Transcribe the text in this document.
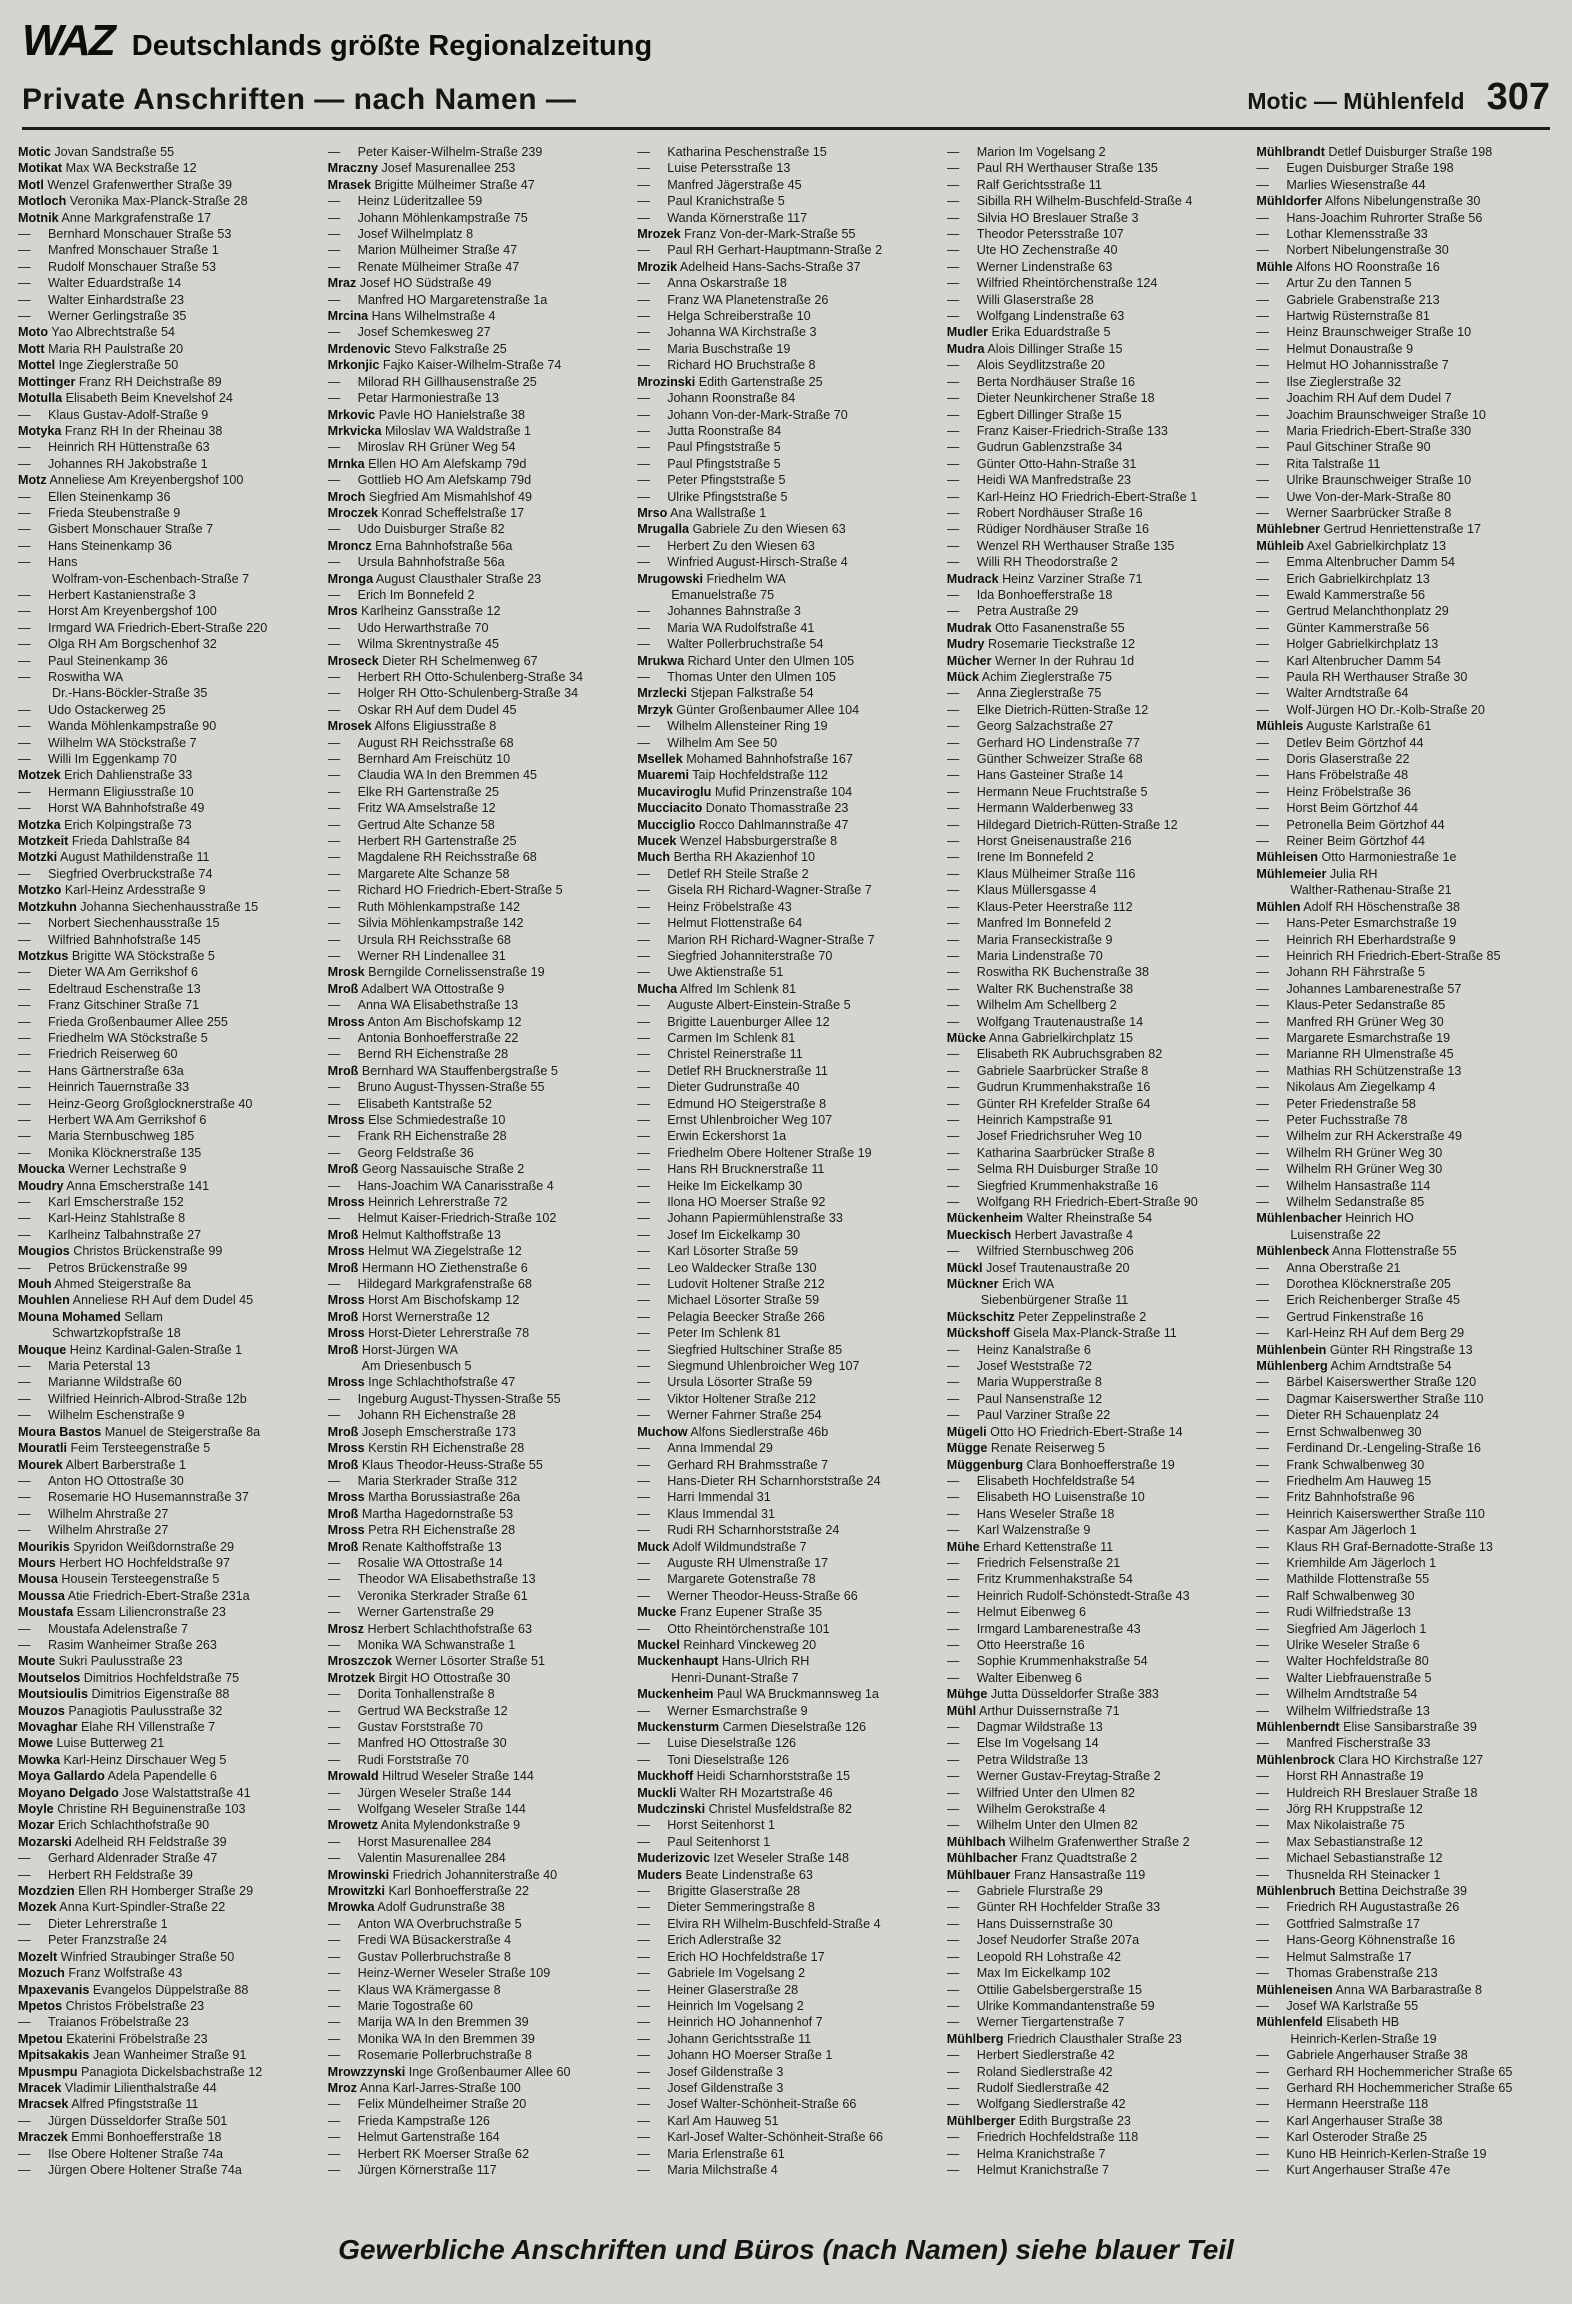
WAZ Deutschlands größte Regionalzeitung
Private Anschriften — nach Namen —	Motic — Mühlenfeld 307
Motic Jovan Sandstraße 55
Motikat Max WA Beckstraße 12
Motl Wenzel Grafenwerther Straße 39
Motloch Veronika Max-Planck-Straße 28
Motnik Anne Markgrafenstraße 17
— Bernhard Monschauer Straße 53
— Manfred Monschauer Straße 1
— Rudolf Monschauer Straße 53
— Walter Eduardstraße 14
— Walter Einhardstraße 23
— Werner Gerlingstraße 35
Moto Yao Albrechtstraße 54
Mott Maria RH Paulstraße 20
Mottel Inge Zieglerstraße 50
Mottinger Franz RH Deichstraße 89
Motulla Elisabeth Beim Knevelshof 24
— Klaus Gustav-Adolf-Straße 9
Motyka Franz RH In der Rheinau 38
— Heinrich RH Hüttenstraße 63
— Johannes RH Jakobstraße 1
Motz Anneliese Am Kreyenbergshof 100
— Ellen Steinenkamp 36
— Frieda Steubenstraße 9
— Gisbert Monschauer Straße 7
— Hans Steinenkamp 36
— Hans
Wolfram-von-Eschenbach-Straße 7
— Herbert Kastanienstraße 3
— Horst Am Kreyenbergshof 100
— Irmgard WA Friedrich-Ebert-Straße 220
— Olga RH Am Borgschenhof 32
— Paul Steinenkamp 36
— Roswitha WA
Dr.-Hans-Böckler-Straße 35
— Udo Ostackerweg 25
— Wanda Möhlenkampstraße 90
— Wilhelm WA Stöckstraße 7
— Willi Im Eggenkamp 70
Motzek Erich Dahlienstraße 33
— Hermann Eligiusstraße 10
— Horst WA Bahnhofstraße 49
Motzka Erich Kolpingstraße 73
Motzkeit Frieda Dahlstraße 84
Motzki August Mathildenstraße 11
— Siegfried Overbruckstraße 74
Motzko Karl-Heinz Ardesstraße 9
Motzkuhn Johanna Siechenhausstraße 15
— Norbert Siechenhausstraße 15
— Wilfried Bahnhofstraße 145
Motzkus Brigitte WA Stöckstraße 5
— Dieter WA Am Gerrikshof 6
— Edeltraud Eschenstraße 13
— Franz Gitschiner Straße 71
— Frieda Großenbaumer Allee 255
— Friedhelm WA Stöckstraße 5
— Friedrich Reiserweg 60
— Hans Gärtnerstraße 63a
— Heinrich Tauernstraße 33
— Heinz-Georg Großglocknerstraße 40
— Herbert WA Am Gerrikshof 6
— Maria Sternbuschweg 185
— Monika Klöcknerstraße 135
Moucka Werner Lechstraße 9
Moudry Anna Emscherstraße 141
— Karl Emscherstraße 152
— Karl-Heinz Stahlstraße 8
— Karlheinz Talbahnstraße 27
Mougios Christos Brückenstraße 99
— Petros Brückenstraße 99
Mouh Ahmed Steigerstraße 8a
Mouhlen Anneliese RH Auf dem Dudel 45
Mouna Mohamed Sellam
Schwartzkopfstraße 18
Mouque Heinz Kardinal-Galen-Straße 1
— Maria Peterstal 13
— Marianne Wildstraße 60
— Wilfried Heinrich-Albrod-Straße 12b
— Wilhelm Eschenstraße 9
Moura Bastos Manuel de Steigerstraße 8a
Mouratli Feim Tersteegenstraße 5
Mourek Albert Barberstraße 1
— Anton HO Ottostraße 30
— Rosemarie HO Husemannstraße 37
— Wilhelm Ahrstraße 27
— Wilhelm Ahrstraße 27
Mourikis Spyridon Weißdornstraße 29
Mours Herbert HO Hochfeldstraße 97
Mousa Housein Tersteegenstraße 5
Moussa Atie Friedrich-Ebert-Straße 231a
Moustafa Essam Liliencronstraße 23
— Moustafa Adelenstraße 7
— Rasim Wanheimer Straße 263
Moute Sukri Paulusstraße 23
Moutselos Dimitrios Hochfeldstraße 75
Moutsioulis Dimitrios Eigenstraße 88
Mouzos Panagiotis Paulusstraße 32
Movaghar Elahe RH Villenstraße 7
Mowe Luise Butterweg 21
Mowka Karl-Heinz Dirschauer Weg 5
Moya Gallardo Adela Papendelle 6
Moyano Delgado Jose Walstattstraße 41
Moyle Christine RH Beguinenstraße 103
Mozar Erich Schlachthofstraße 90
Mozarski Adelheid RH Feldstraße 39
— Gerhard Aldenrader Straße 47
— Herbert RH Feldstraße 39
Mozdzien Ellen RH Homberger Straße 29
Mozek Anna Kurt-Spindler-Straße 22
— Dieter Lehrerstraße 1
— Peter Franzstraße 24
Mozelt Winfried Straubinger Straße 50
Mozuch Franz Wolfstraße 43
Mpaxevanis Evangelos Düppelstraße 88
Mpetos Christos Fröbelstraße 23
— Traianos Fröbelstraße 23
Mpetou Ekaterini Fröbelstraße 23
Mpitsakakis Jean Wanheimer Straße 91
Mpusmpu Panagiota Dickelsbachstraße 12
Mracek Vladimir Lilienthalstraße 44
Mracsek Alfred Pfingststraße 11
— Jürgen Düsseldorfer Straße 501
Mraczek Emmi Bonhoefferstraße 18
— Ilse Obere Holtener Straße 74a
— Jürgen Obere Holtener Straße 74a
— Peter Kaiser-Wilhelm-Straße 239
Mraczny Josef Masurenallee 253
Mrasek Brigitte Mülheimer Straße 47
— Heinz Lüderitzallee 59
— Johann Möhlenkampstraße 75
— Josef Wilhelmplatz 8
— Marion Mülheimer Straße 47
— Renate Mülheimer Straße 47
Mraz Josef HO Südstraße 49
— Manfred HO Margaretenstraße 1a
Mrcina Hans Wilhelmstraße 4
— Josef Schemkesweg 27
Mrdenovic Stevo Falkstraße 25
Mrkonjic Fajko Kaiser-Wilhelm-Straße 74
— Milorad RH Gillhausenstraße 25
— Petar Harmoniestraße 13
Mrkovic Pavle HO Hanielstraße 38
Mrkvicka Miloslav WA Waldstraße 1
— Miroslav RH Grüner Weg 54
Mrnka Ellen HO Am Alefskamp 79d
— Gottlieb HO Am Alefskamp 79d
Mroch Siegfried Am Mismahlshof 49
Mroczek Konrad Scheffelstraße 17
— Udo Duisburger Straße 82
Mroncz Erna Bahnhofstraße 56a
— Ursula Bahnhofstraße 56a
Mronga August Clausthaler Straße 23
— Erich Im Bonnefeld 2
Mros Karlheinz Gansstraße 12
— Udo Herwarthstraße 70
— Wilma Skrentnystraße 45
Mroseck Dieter RH Schelmenweg 67
— Herbert RH Otto-Schulenberg-Straße 34
— Holger RH Otto-Schulenberg-Straße 34
— Oskar RH Auf dem Dudel 45
Mrosek Alfons Eligiusstraße 8
— August RH Reichsstraße 68
— Bernhard Am Freischütz 10
— Claudia WA In den Bremmen 45
— Elke RH Gartenstraße 25
— Fritz WA Amselstraße 12
— Gertrud Alte Schanze 58
— Herbert RH Gartenstraße 25
— Magdalene RH Reichsstraße 68
— Margarete Alte Schanze 58
— Richard HO Friedrich-Ebert-Straße 5
— Ruth Möhlenkampstraße 142
— Silvia Möhlenkampstraße 142
— Ursula RH Reichsstraße 68
— Werner RH Lindenallee 31
Mrosk Berngilde Cornelissenstraße 19
Mroß Adalbert WA Ottostraße 9
— Anna WA Elisabethstraße 13
Mross Anton Am Bischofskamp 12
— Antonia Bonhoefferstraße 22
— Bernd RH Eichenstraße 28
Mroß Bernhard WA Stauffenbergstraße 5
— Bruno August-Thyssen-Straße 55
— Elisabeth Kantstraße 52
Mross Else Schmiedestraße 10
— Frank RH Eichenstraße 28
— Georg Feldstraße 36
Mroß Georg Nassauische Straße 2
— Hans-Joachim WA Canarisstraße 4
Mross Heinrich Lehrerstraße 72
— Helmut Kaiser-Friedrich-Straße 102
Mroß Helmut Kalthoffstraße 13
Mross Helmut WA Ziegelstraße 12
Mroß Hermann HO Ziethenstraße 6
— Hildegard Markgrafenstraße 68
Mross Horst Am Bischofskamp 12
Mroß Horst Wernerstraße 12
Mross Horst-Dieter Lehrerstraße 78
Mroß Horst-Jürgen WA
Am Driesenbusch 5
Mross Inge Schlachthofstraße 47
— Ingeburg August-Thyssen-Straße 55
— Johann RH Eichenstraße 28
Mroß Joseph Emscherstraße 173
Mross Kerstin RH Eichenstraße 28
Mroß Klaus Theodor-Heuss-Straße 55
— Maria Sterkrader Straße 312
Mross Martha Borussiastraße 26a
Mroß Martha Hagedornstraße 53
Mross Petra RH Eichenstraße 28
Mroß Renate Kalthoffstraße 13
— Rosalie WA Ottostraße 14
— Theodor WA Elisabethstraße 13
— Veronika Sterkrader Straße 61
— Werner Gartenstraße 29
Mrosz Herbert Schlachthofstraße 63
— Monika WA Schwanstraße 1
Mroszczok Werner Lösorter Straße 51
Mrotzek Birgit HO Ottostraße 30
— Dorita Tonhallenstraße 8
— Gertrud WA Beckstraße 12
— Gustav Forststraße 70
— Manfred HO Ottostraße 30
— Rudi Forststraße 70
Mrowald Hiltrud Weseler Straße 144
— Jürgen Weseler Straße 144
— Wolfgang Weseler Straße 144
Mrowetz Anita Mylendonkstraße 9
— Horst Masurenallee 284
— Valentin Masurenallee 284
Mrowinski Friedrich Johanniterstraße 40
Mrowitzki Karl Bonhoefferstraße 22
Mrowka Adolf Gudrunstraße 38
— Anton WA Overbruchstraße 5
— Fredi WA Büsackerstraße 4
— Gustav Pollerbruchstraße 8
— Heinz-Werner Weseler Straße 109
— Klaus WA Krämergasse 8
— Marie Togostraße 60
— Marija WA In den Bremmen 39
— Monika WA In den Bremmen 39
— Rosemarie Pollerbruchstraße 8
Mrowzzynski Inge Großenbaumer Allee 60
Mroz Anna Karl-Jarres-Straße 100
— Felix Mündelheimer Straße 20
— Frieda Kampstraße 126
— Helmut Gartenstraße 164
— Herbert RK Moerser Straße 62
— Jürgen Körnerstraße 117
— Katharina Peschenstraße 15
— Luise Petersstraße 13
— Manfred Jägerstraße 45
— Paul Kranichstraße 5
— Wanda Körnerstraße 117
Mrozek Franz Von-der-Mark-Straße 55
— Paul RH Gerhart-Hauptmann-Straße 2
Mrozik Adelheid Hans-Sachs-Straße 37
— Anna Oskarstraße 18
— Franz WA Planetenstraße 26
— Helga Schreiberstraße 10
— Johanna WA Kirchstraße 3
— Maria Buschstraße 19
— Richard HO Bruchstraße 8
Mrozinski Edith Gartenstraße 25
— Johann Roonstraße 84
— Johann Von-der-Mark-Straße 70
— Jutta Roonstraße 84
— Paul Pfingststraße 5
— Paul Pfingststraße 5
— Peter Pfingststraße 5
— Ulrike Pfingststraße 5
Mrso Ana Wallstraße 1
Mrugalla Gabriele Zu den Wiesen 63
— Herbert Zu den Wiesen 63
— Winfried August-Hirsch-Straße 4
Mrugowski Friedhelm WA
Emanuelstraße 75
— Johannes Bahnstraße 3
— Maria WA Rudolfstraße 41
— Walter Pollerbruchstraße 54
Mrukwa Richard Unter den Ulmen 105
— Thomas Unter den Ulmen 105
Mrzlecki Stjepan Falkstraße 54
Mrzyk Günter Großenbaumer Allee 104
— Wilhelm Allensteiner Ring 19
— Wilhelm Am See 50
Msellek Mohamed Bahnhofstraße 167
Muaremi Taip Hochfeldstraße 112
Mucaviroglu Mufid Prinzenstraße 104
Mucciacito Donato Thomasstraße 23
Mucciglio Rocco Dahlmannstraße 47
Mucek Wenzel Habsburgerstraße 8
Much Bertha RH Akazienhof 10
— Detlef RH Steile Straße 2
— Gisela RH Richard-Wagner-Straße 7
— Heinz Fröbelstraße 43
— Helmut Flottenstraße 64
— Marion RH Richard-Wagner-Straße 7
— Siegfried Johanniterstraße 70
— Uwe Aktienstraße 51
Mucha Alfred Im Schlenk 81
— Auguste Albert-Einstein-Straße 5
— Brigitte Lauenburger Allee 12
— Carmen Im Schlenk 81
— Christel Reinerstraße 11
— Detlef RH Brucknerstraße 11
— Dieter Gudrunstraße 40
— Edmund HO Steigerstraße 8
— Ernst Uhlenbroicher Weg 107
— Erwin Eckershorst 1a
— Friedhelm Obere Holtener Straße 19
— Hans RH Brucknerstraße 11
— Heike Im Eickelkamp 30
— Ilona HO Moerser Straße 92
— Johann Papiermühlenstraße 33
— Josef Im Eickelkamp 30
— Karl Lösorter Straße 59
— Leo Waldecker Straße 130
— Ludovit Holtener Straße 212
— Michael Lösorter Straße 59
— Pelagia Beecker Straße 266
— Peter Im Schlenk 81
— Siegfried Hultschiner Straße 85
— Siegmund Uhlenbroicher Weg 107
— Ursula Lösorter Straße 59
— Viktor Holtener Straße 212
— Werner Fahrner Straße 254
Muchow Alfons Siedlerstraße 46b
— Anna Immendal 29
— Gerhard RH Brahmsstraße 7
— Hans-Dieter RH Scharnhorststraße 24
— Harri Immendal 31
— Klaus Immendal 31
— Rudi RH Scharnhorststraße 24
Muck Adolf Wildmundstraße 7
— Auguste RH Ulmenstraße 17
— Margarete Gotenstraße 78
— Werner Theodor-Heuss-Straße 66
Mucke Franz Eupener Straße 35
— Otto Rheintörchenstraße 101
Muckel Reinhard Vinckeweg 20
Muckenhaupt Hans-Ulrich RH
Henri-Dunant-Straße 7
Muckenheim Paul WA Bruckmannsweg 1a
— Werner Esmarchstraße 9
Muckensturm Carmen Dieselstraße 126
— Luise Dieselstraße 126
— Toni Dieselstraße 126
Muckhoff Heidi Scharnhorststraße 15
Muckli Walter RH Mozartstraße 46
Mudczinski Christel Musfeldstraße 82
— Horst Seitenhorst 1
— Paul Seitenhorst 1
Muderizovic Izet Weseler Straße 148
Muders Beate Lindenstraße 63
— Brigitte Glaserstraße 28
— Dieter Semmeringstraße 8
— Elvira RH Wilhelm-Buschfeld-Straße 4
— Erich Adlerstraße 32
— Erich HO Hochfeldstraße 17
— Gabriele Im Vogelsang 2
— Heiner Glaserstraße 28
— Heinrich Im Vogelsang 2
— Heinrich HO Johannenhof 7
— Johann Gerichtsstraße 11
— Johann HO Moerser Straße 1
— Josef Gildenstraße 3
— Josef Gildenstraße 3
— Josef Walter-Schönheit-Straße 66
— Karl Am Hauweg 51
— Karl-Josef Walter-Schönheit-Straße 66
— Maria Erlenstraße 61
— Maria Milchstraße 4
— Marion Im Vogelsang 2
— Paul RH Werthauser Straße 135
— Ralf Gerichtsstraße 11
— Sibilla RH Wilhelm-Buschfeld-Straße 4
— Silvia HO Breslauer Straße 3
— Theodor Petersstraße 107
— Ute HO Zechenstraße 40
— Werner Lindenstraße 63
— Wilfried Rheintörchenstraße 124
— Willi Glaserstraße 28
— Wolfgang Lindenstraße 63
Mudler Erika Eduardstraße 5
Mudra Alois Dillinger Straße 15
— Alois Seydlitzstraße 20
— Berta Nordhäuser Straße 16
— Dieter Neunkirchener Straße 18
— Egbert Dillinger Straße 15
— Franz Kaiser-Friedrich-Straße 133
— Gudrun Gablenzstraße 34
— Günter Otto-Hahn-Straße 31
— Heidi WA Manfredstraße 23
— Karl-Heinz HO Friedrich-Ebert-Straße 1
— Robert Nordhäuser Straße 16
— Rüdiger Nordhäuser Straße 16
— Wenzel RH Werthauser Straße 135
— Willi RH Theodorstraße 2
Mudrack Heinz Varziner Straße 71
— Ida Bonhoefferstraße 18
— Petra Austraße 29
Mudrak Otto Fasanenstraße 55
Mudry Rosemarie Tieckstraße 12
Mücher Werner In der Ruhrau 1d
Mück Achim Zieglerstraße 75
— Anna Zieglerstraße 75
— Elke Dietrich-Rütten-Straße 12
— Georg Salzachstraße 27
— Gerhard HO Lindenstraße 77
— Günther Schweizer Straße 68
— Hans Gasteiner Straße 14
— Hermann Neue Fruchtstraße 5
— Hermann Walderbenweg 33
— Hildegard Dietrich-Rütten-Straße 12
— Horst Gneisenaustraße 216
— Irene Im Bonnefeld 2
— Klaus Mülheimer Straße 116
— Klaus Müllersgasse 4
— Klaus-Peter Heerstraße 112
— Manfred Im Bonnefeld 2
— Maria Franseckistraße 9
— Maria Lindenstraße 70
— Roswitha RK Buchenstraße 38
— Walter RK Buchenstraße 38
— Wilhelm Am Schellberg 2
— Wolfgang Trautenaustraße 14
Mücke Anna Gabrielkirchplatz 15
— Elisabeth RK Aubruchsgraben 82
— Gabriele Saarbrücker Straße 8
— Gudrun Krummenhakstraße 16
— Günter RH Krefelder Straße 64
— Heinrich Kampstraße 91
— Josef Friedrichsruher Weg 10
— Katharina Saarbrücker Straße 8
— Selma RH Duisburger Straße 10
— Siegfried Krummenhakstraße 16
— Wolfgang RH Friedrich-Ebert-Straße 90
Mückenheim Walter Rheinstraße 54
Mueckisch Herbert Javastraße 4
— Wilfried Sternbuschweg 206
Mückl Josef Trautenaustraße 20
Mückner Erich WA
Siebenbürgener Straße 11
Mückschitz Peter Zeppelinstraße 2
Mückshoff Gisela Max-Planck-Straße 11
— Heinz Kanalstraße 6
— Josef Weststraße 72
— Maria Wupperstraße 8
— Paul Nansenstraße 12
— Paul Varziner Straße 22
Mügeli Otto HO Friedrich-Ebert-Straße 14
Mügge Renate Reiserweg 5
Müggenburg Clara Bonhoefferstraße 19
— Elisabeth Hochfeldstraße 54
— Elisabeth HO Luisenstraße 10
— Hans Weseler Straße 18
— Karl Walzenstraße 9
Mühe Erhard Kettenstraße 11
— Friedrich Felsenstraße 21
— Fritz Krummenhakstraße 54
— Heinrich Rudolf-Schönstedt-Straße 43
— Helmut Eibenweg 6
— Irmgard Lambarenestraße 43
— Otto Heerstraße 16
— Sophie Krummenhakstraße 54
— Walter Eibenweg 6
Mühge Jutta Düsseldorfer Straße 383
Mühl Arthur Duissernstraße 71
— Dagmar Wildstraße 13
— Else Im Vogelsang 14
— Petra Wildstraße 13
— Werner Gustav-Freytag-Straße 2
— Wilfried Unter den Ulmen 82
— Wilhelm Gerokstraße 4
— Wilhelm Unter den Ulmen 82
Mühlbach Wilhelm Grafenwerther Straße 2
Mühlbacher Franz Quadtstraße 2
Mühlbauer Franz Hansastraße 119
— Gabriele Flurstraße 29
— Günter RH Hochfelder Straße 33
— Hans Duissernstraße 30
— Josef Neudorfer Straße 207a
— Leopold RH Lohstraße 42
— Max Im Eickelkamp 102
— Ottilie Gabelsbergerstraße 15
— Ulrike Kommandantenstraße 59
— Werner Tiergartenstraße 7
Mühlberg Friedrich Clausthaler Straße 23
— Herbert Siedlerstraße 42
— Roland Siedlerstraße 42
— Rudolf Siedlerstraße 42
— Wolfgang Siedlerstraße 42
Mühlberger Edith Burgstraße 23
— Friedrich Hochfeldstraße 118
— Helma Kranichstraße 7
— Helmut Kranichstraße 7
Mühlbrandt Detlef Duisburger Straße 198
— Eugen Duisburger Straße 198
— Marlies Wiesenstraße 44
Mühldorfer Alfons Nibelungenstraße 30
— Hans-Joachim Ruhrorter Straße 56
— Lothar Klemensstraße 33
— Norbert Nibelungenstraße 30
Mühle Alfons HO Roonstraße 16
— Artur Zu den Tannen 5
— Gabriele Grabenstraße 213
— Hartwig Rüsternstraße 81
— Heinz Braunschweiger Straße 10
— Helmut Donaustraße 9
— Helmut HO Johannisstraße 7
— Ilse Zieglerstraße 32
— Joachim RH Auf dem Dudel 7
— Joachim Braunschweiger Straße 10
— Maria Friedrich-Ebert-Straße 330
— Paul Gitschiner Straße 90
— Rita Talstraße 11
— Ulrike Braunschweiger Straße 10
— Uwe Von-der-Mark-Straße 80
— Werner Saarbrücker Straße 8
Mühlebner Gertrud Henriettenstraße 17
Mühleib Axel Gabrielkirchplatz 13
— Emma Altenbrucher Damm 54
— Erich Gabrielkirchplatz 13
— Ewald Kammerstraße 56
— Gertrud Melanchthonplatz 29
— Günter Kammerstraße 56
— Holger Gabrielkirchplatz 13
— Karl Altenbrucher Damm 54
— Paula RH Werthauser Straße 30
— Walter Arndtstraße 64
— Wolf-Jürgen HO Dr.-Kolb-Straße 20
Mühleis Auguste Karlstraße 61
— Detlev Beim Görtzhof 44
— Doris Glaserstraße 22
— Hans Fröbelstraße 48
— Heinz Fröbelstraße 36
— Horst Beim Görtzhof 44
— Petronella Beim Görtzhof 44
— Reiner Beim Görtzhof 44
Mühleisen Otto Harmoniestraße 1e
Mühlemeier Julia RH
Walther-Rathenau-Straße 21
Mühlen Adolf RH Höschenstraße 38
— Hans-Peter Esmarchstraße 19
— Heinrich RH Eberhardstraße 9
— Heinrich RH Friedrich-Ebert-Straße 85
— Johann RH Fährstraße 5
— Johannes Lambarenestraße 57
— Klaus-Peter Sedanstraße 85
— Manfred RH Grüner Weg 30
— Margarete Esmarchstraße 19
— Marianne RH Ulmenstraße 45
— Mathias RH Schützenstraße 13
— Nikolaus Am Ziegelkamp 4
— Peter Friedenstraße 58
— Peter Fuchsstraße 78
— Wilhelm zur RH Ackerstraße 49
— Wilhelm RH Grüner Weg 30
— Wilhelm RH Grüner Weg 30
— Wilhelm Hansastraße 114
— Wilhelm Sedanstraße 85
Mühlenbacher Heinrich HO
Luisenstraße 22
Mühlenbeck Anna Flottenstraße 55
— Anna Oberstraße 21
— Dorothea Klöcknerstraße 205
— Erich Reichenberger Straße 45
— Gertrud Finkenstraße 16
— Karl-Heinz RH Auf dem Berg 29
Mühlenbein Günter RH Ringstraße 13
Mühlenberg Achim Arndtstraße 54
— Bärbel Kaiserswerther Straße 120
— Dagmar Kaiserswerther Straße 110
— Dieter RH Schauenplatz 24
— Ernst Schwalbenweg 30
— Ferdinand Dr.-Lengeling-Straße 16
— Frank Schwalbenweg 30
— Friedhelm Am Hauweg 15
— Fritz Bahnhofstraße 96
— Heinrich Kaiserswerther Straße 110
— Kaspar Am Jägerloch 1
— Klaus RH Graf-Bernadotte-Straße 13
— Kriemhilde Am Jägerloch 1
— Mathilde Flottenstraße 55
— Ralf Schwalbenweg 30
— Rudi Wilfriedstraße 13
— Siegfried Am Jägerloch 1
— Ulrike Weseler Straße 6
— Walter Hochfeldstraße 80
— Walter Liebfrauenstraße 5
— Wilhelm Arndtstraße 54
— Wilhelm Wilfriedstraße 13
Mühlenberndt Elise Sansibarstraße 39
— Manfred Fischerstraße 33
Mühlenbrock Clara HO Kirchstraße 127
— Horst RH Annastraße 19
— Huldreich RH Breslauer Straße 18
— Jörg RH Kruppstraße 12
— Max Nikolaistraße 75
— Max Sebastianstraße 12
— Michael Sebastianstraße 12
— Thusnelda RH Steinacker 1
Mühlenbruch Bettina Deichstraße 39
— Friedrich RH Augustastraße 26
— Gottfried Salmstraße 17
— Hans-Georg Köhnenstraße 16
— Helmut Salmstraße 17
— Thomas Grabenstraße 213
Mühleneisen Anna WA Barbarastraße 8
— Josef WA Karlstraße 55
Mühlenfeld Elisabeth HB
Heinrich-Kerlen-Straße 19
— Gabriele Angerhauser Straße 38
— Gerhard RH Hochemmericher Straße 65
— Gerhard RH Hochemmericher Straße 65
— Hermann Heerstraße 118
— Karl Angerhauser Straße 38
— Karl Osteroder Straße 25
— Kuno HB Heinrich-Kerlen-Straße 19
— Kurt Angerhauser Straße 47e
Gewerbliche Anschriften und Büros (nach Namen) siehe blauer Teil
